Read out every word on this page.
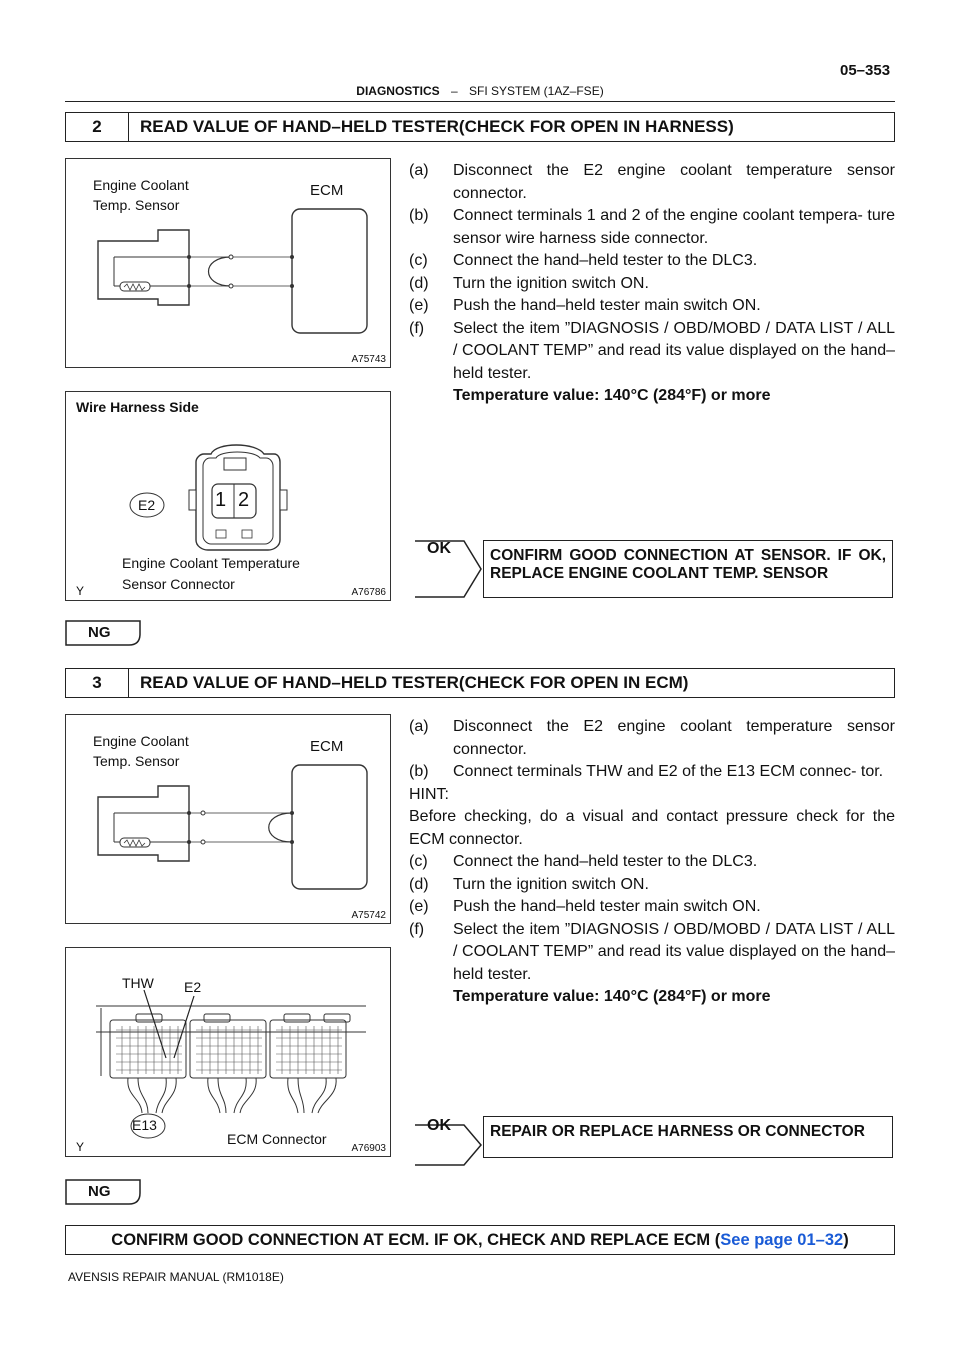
05–353
DIAGNOSTICS – SFI SYSTEM (1AZ–FSE)
2	READ VALUE OF HAND–HELD TESTER(CHECK FOR OPEN IN HARNESS)
Engine Coolant
Temp. Sensor
ECM
A75743
Wire Harness Side
E2	1 2
Engine Coolant Temperature
Sensor Connector
Y	A76786
(a) Disconnect the E2 engine coolant temperature sensor connector.
(b) Connect terminals 1 and 2 of the engine coolant tempera- ture sensor wire harness side connector.
(c) Connect the hand–held tester to the DLC3.
(d) Turn the ignition switch ON.
(e) Push the hand–held tester main switch ON.
(f) Select the item ”DIAGNOSIS / OBD/MOBD / DATA LIST / ALL / COOLANT TEMP” and read its value displayed on the hand–held tester.
Temperature value: 140°C (284°F) or more
OK	CONFIRM GOOD CONNECTION AT SENSOR. IF OK, REPLACE ENGINE COOLANT TEMP. SENSOR
NG
3	READ VALUE OF HAND–HELD TESTER(CHECK FOR OPEN IN ECM)
Engine Coolant
Temp. Sensor
ECM
A75742
THW E2
E13
ECM Connector
Y	A76903
(a) Disconnect the E2 engine coolant temperature sensor connector.
(b) Connect terminals THW and E2 of the E13 ECM connec- tor.
HINT:
Before checking, do a visual and contact pressure check for the ECM connector.
(c) Connect the hand–held tester to the DLC3.
(d) Turn the ignition switch ON.
(e) Push the hand–held tester main switch ON.
(f) Select the item ”DIAGNOSIS / OBD/MOBD / DATA LIST / ALL / COOLANT TEMP” and read its value displayed on the hand–held tester.
Temperature value: 140°C (284°F) or more
OK	REPAIR OR REPLACE HARNESS OR CONNECTOR
NG
CONFIRM GOOD CONNECTION AT ECM. IF OK, CHECK AND REPLACE ECM (See page 01–32)
AVENSIS REPAIR MANUAL (RM1018E)
